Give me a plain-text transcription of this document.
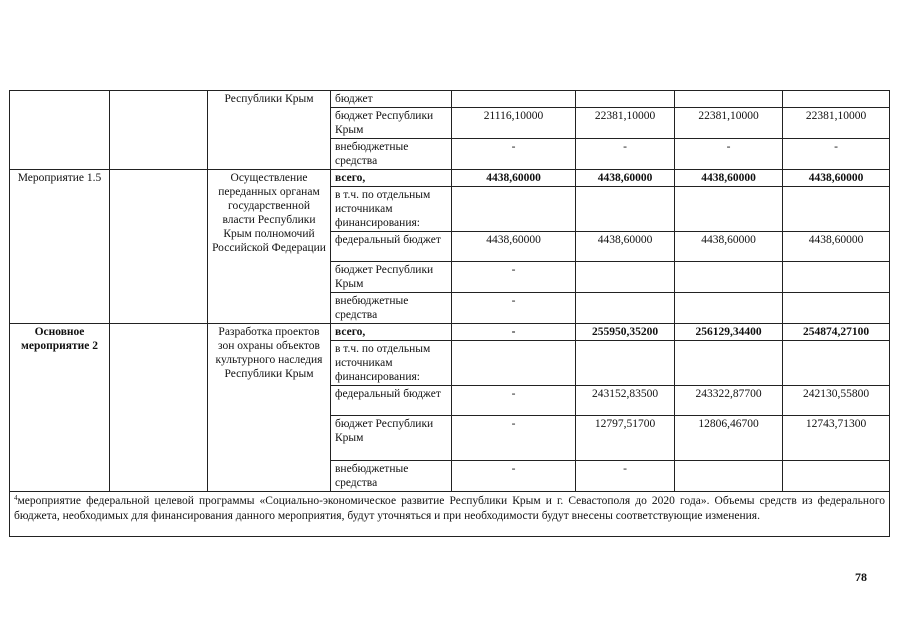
		Республики Крым	бюджет				
			бюджет Республики Крым	21116,10000	22381,10000	22381,10000	22381,10000
			внебюджетные средства	-	-	-	-
Мероприятие 1.5		Осуществление переданных органам государственной власти Республики Крым полномочий Российской Федерации	всего,	4438,60000	4438,60000	4438,60000	4438,60000
			в т.ч. по отдельным источникам финансирования:				
			федеральный бюджет	4438,60000	4438,60000	4438,60000	4438,60000
			бюджет Республики Крым	-			
			внебюджетные средства	-			
Основное мероприятие 2		Разработка проектов зон охраны объектов культурного наследия Республики Крым	всего,	-	255950,35200	256129,34400	254874,27100
			в т.ч. по отдельным источникам финансирования:				
			федеральный бюджет	-	243152,83500	243322,87700	242130,55800
			бюджет Республики Крым	-	12797,51700	12806,46700	12743,71300
			внебюджетные средства	-	-		
$^4$мероприятие федеральной целевой программы «Социально-экономическое развитие Республики Крым и г. Севастополя до 2020 года». Объемы средств из федерального бюджета, необходимых для финансирования данного мероприятия, будут уточняться и при необходимости будут внесены соответствующие изменения.							
78
